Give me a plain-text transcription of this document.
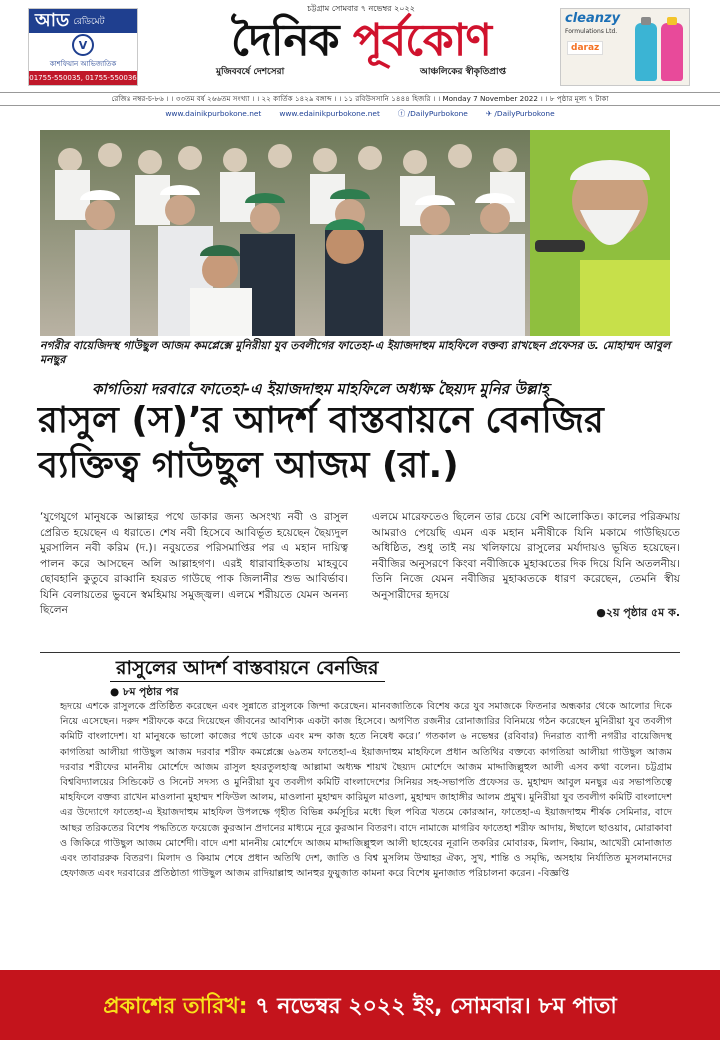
আড রেডিমেট
V
কাশফিয়ান আভিজাতিক
01755-550035, 01755-550036
চট্টগ্রাম সোমবার ৭ নভেম্বর ২০২২
দৈনিক পূর্বকোণ
মুজিববর্ষে দেশসেরা	আঞ্চলিকের স্বীকৃতিপ্রাপ্ত
cleanzy
Formulations Ltd.
daraz
রেজিঃ নম্বর-চ-৮৬ । । ৩৩তম বর্ষ ২৬৬তম সংখ্যা । । ২২ কার্তিক ১৪২৯ বঙ্গাব্দ । । ১১ রবিউসসানি ১৪৪৪ হিজরি । । Monday 7 November 2022 । । ৮ পৃষ্ঠার মূল্য ৭ টাকা
www.dainikpurbokone.net www.edainikpurbokone.net ⓕ /DailyPurbokone ✈ /DailyPurbokone
নগরীর বায়েজিদস্থ গাউছুল আজম কমপ্লেক্সে মুনিরীয়া যুব তবলীগের ফাতেহা-এ ইয়াজদাহুম মাহফিলে বক্তব্য রাখছেন প্রফেসর ড. মোহাম্মদ আবুল মনছুর
কাগতিয়া দরবারে ফাতেহা-এ ইয়াজদাহুম মাহফিলে অধ্যক্ষ ছৈয়্যদ মুনির উল্লাহ্‌
রাসুল (স)’র আদর্শ বাস্তবায়নে বেনজির
ব্যক্তিত্ব গাউছুল আজম (রা.)
‘যুগেযুগে মানুষকে আল্লাহর পথে ডাকার জন্য অসংখ্য নবী ও রাসুল প্রেরিত হয়েছেন এ ধরাতে। শেষ নবী হিসেবে আবির্ভূত হয়েছেন ছৈয়্যদুল মুরসালিন নবী করিম (দ.)। নবুয়তের পরিসমাপ্তির পর এ মহান দায়িত্ব পালন করে আসছেন অলি আল্লাহগণ। এরই ধারাবাহিকতায় মাহবুবে ছোবহানি কুতুবে রাব্বানি হযরত গাউছে পাক জিলানীর শুভ আবির্ভাব। যিনি বেলায়তের ভুবনে স্বমহিমায় সমুজ্জ্বল। এলমে শরীয়তে যেমন অনন্য ছিলেন
এলমে মারেফতেও ছিলেন তার চেয়ে বেশি আলোকিত। কালের পরিক্রমায় আমরাও পেয়েছি এমন এক মহান মনীষীকে যিনি মকামে গাউছিয়তে অধিষ্ঠিত, শুধু তাই নয় খলিফায়ে রাসুলের মর্যাদায়ও ভূষিত হয়েছেন। নবীজির অনুসরণে কিংবা নবীজিকে মুহাব্বতের দিক দিয়ে যিনি অতলনীয়। তিনি নিজে যেমন নবীজির মুহাব্বতকে ধারণ করেছেন, তেমনি স্বীয় অনুসারীদের হৃদয়ে
●২য় পৃষ্ঠার ৫ম ক.
রাসুলের আদর্শ বাস্তবায়নে বেনজির
● ৮ম পৃষ্ঠার পর
হৃদয়ে এশকে রাসুলকে প্রতিষ্ঠিত করেছেন এবং সুন্নাতে রাসুলকে জিন্দা করেছেন। মানবজাতিকে বিশেষ করে যুব সমাজকে ফিতনার অন্ধকার থেকে আলোর দিকে নিয়ে এসেছেন। দরুদ শরীফকে করে দিয়েছেন জীবনের আবশ্যিক একটা কাজ হিসেবে। অগণিত রজনীর রোনাজারির বিনিময়ে গঠন করেছেন মুনিরীয়া যুব তবলীগ কমিটি বাংলাদেশ। যা মানুষকে ভালো কাজের পথে ডাকে এবং মন্দ কাজ হতে নিষেধ করে।’ গতকাল ৬ নভেম্বর (রবিবার) দিনরাত ব্যাপী নগরীর বায়েজিদস্থ কাগতিয়া আলীয়া গাউছুল আজম দরবার শরীফ কমপ্লেক্সে ৬৯তম ফাতেহা-এ ইয়াজদাহুম মাহফিলে প্রধান অতিথির বক্তব্যে কাগতিয়া আলীয়া গাউছুল আজম দরবার শরীফের মাননীয় মোর্শেদে আজম রাসুল হযরতুলহাজ্ব আল্লামা অধ্যক্ষ শায়খ ছৈয়্যদ মোর্শেদে আজম মাদ্দাজিল্লুহুল আলী এসব কথা বলেন। চট্টগ্রাম বিশ্ববিদ্যালয়ের সিন্ডিকেট ও সিনেট সদস্য ও মুনিরীয়া যুব তবলীগ কমিটি বাংলাদেশের সিনিয়র সহ-সভাপতি প্রফেসর ড. মুহাম্মদ আবুল মনছুর এর সভাপতিত্বে মাহফিলে বক্তব্য রাখেন মাওলানা মুহাম্মদ শফিউল আলম, মাওলানা মুহাম্মদ কারিমুল মাওলা, মুহাম্মদ জাহাঙ্গীর আলম প্রমুখ। মুনিরীয়া যুব তবলীগ কমিটি বাংলাদেশ এর উদ্যোগে ফাতেহা-এ ইয়াজদাহুম মাহফিল উপলক্ষে গৃহীত বিভিন্ন কর্মসূচির মধ্যে ছিল পবিত্র খতমে কোরআন, ফাতেহা-এ ইয়াজদাহুম শীর্ষক সেমিনার, বাদে আছর তরিকতের বিশেষ পদ্ধতিতে ফয়েজে কুরআন প্রদানের মাধ্যমে নূরে কুরআন বিতরণ। বাদে নামাজে মাগরিব ফাতেহা শরীফ আদায়, ঈছালে ছাওয়াব, মোরাকাবা ও জিকিরে গাউছুল আজম মোর্শেদী। বাদে এশা মাননীয় মোর্শেদে আজম মাদ্দাজিল্লুহুল আলী ছাহেবের নূরানি তকরির মোবারক, মিলাদ, কিয়াম, আখেরী মোনাজাত এবং তাবাররুক বিতরণ। মিলাদ ও কিয়াম শেষে প্রধান অতিথি দেশ, জাতি ও বিশ্ব মুসলিম উম্মাহর ঐক্য, সুখ, শান্তি ও সমৃদ্ধি, অসহায় নির্যাতিত মুসলমানদের হেফাজত এবং দরবারের প্রতিষ্ঠাতা গাউছুল আজম রাদিয়াল্লাহু আনহুর ফুয়ুজাত কামনা করে বিশেষ মুনাজাত পরিচালনা করেন। -বিজ্ঞপ্তি
প্রকাশের তারিখ: ৭ নভেম্বর ২০২২ ইং, সোমবার। ৮ম পাতা
